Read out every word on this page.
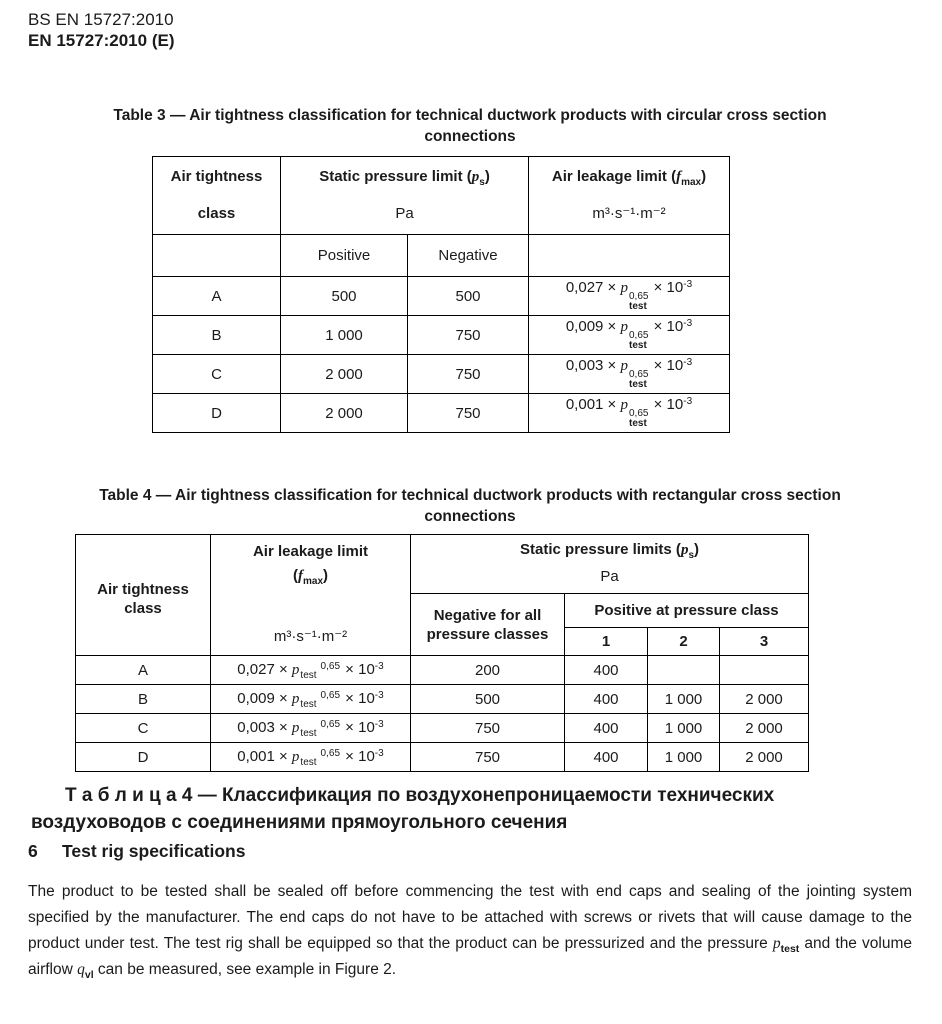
BS EN 15727:2010
EN 15727:2010 (E)
Table 3 — Air tightness classification for technical ductwork products with circular cross section
connections
Air tightness
class	Static pressure limit $(p_s)$
Pa		Air leakage limit $(f_{max})$
m³·s⁻¹·m⁻²

	Positive	Negative	
A	500	500	0,027 × p
0,65
test
× $10^{-3}$
B	1 000	750	0,009 × p
0,65
test
× $10^{-3}$
C	2 000	750	0,003 × p
0,65
test
× $10^{-3}$
D	2 000	750	0,001 × p
0,65
test
× $10^{-3}$
Table 4 — Air tightness classification for technical ductwork products with rectangular cross section
connections
Air tightness
class

Air leakage limit
$(f_{max})$
m³·s⁻¹·m⁻²

Static pressure limits $(p_s)$
Pa

		Negative for all pressure classes	Positive at pressure class		
			1	2	3
A	0,027 × p 0,65
test × $10^{-3}$	200	400		
B	0,009 × p 0,65
test × $10^{-3}$	500	400	1 000	2 000
C	0,003 × p 0,65
test × $10^{-3}$	750	400	1 000	2 000
D	0,001 × p 0,65
test × $10^{-3}$	750	400	1 000	2 000
Т а б л и ц а 4 — Классификация по воздухонепроницаемости технических
воздуховодов с соединениями прямоугольного сечения
6 Test rig specifications

The product to be tested shall be sealed off before commencing the test with end caps and sealing of the jointing system specified by the manufacturer. The end caps do not have to be attached with screws or rivets that will cause damage to the product under test. The test rig shall be equipped so that the product can be pressurized and the pressure $p_{test}$ and the volume airflow $q_{vl}$ can be measured, see example in Figure 2.
